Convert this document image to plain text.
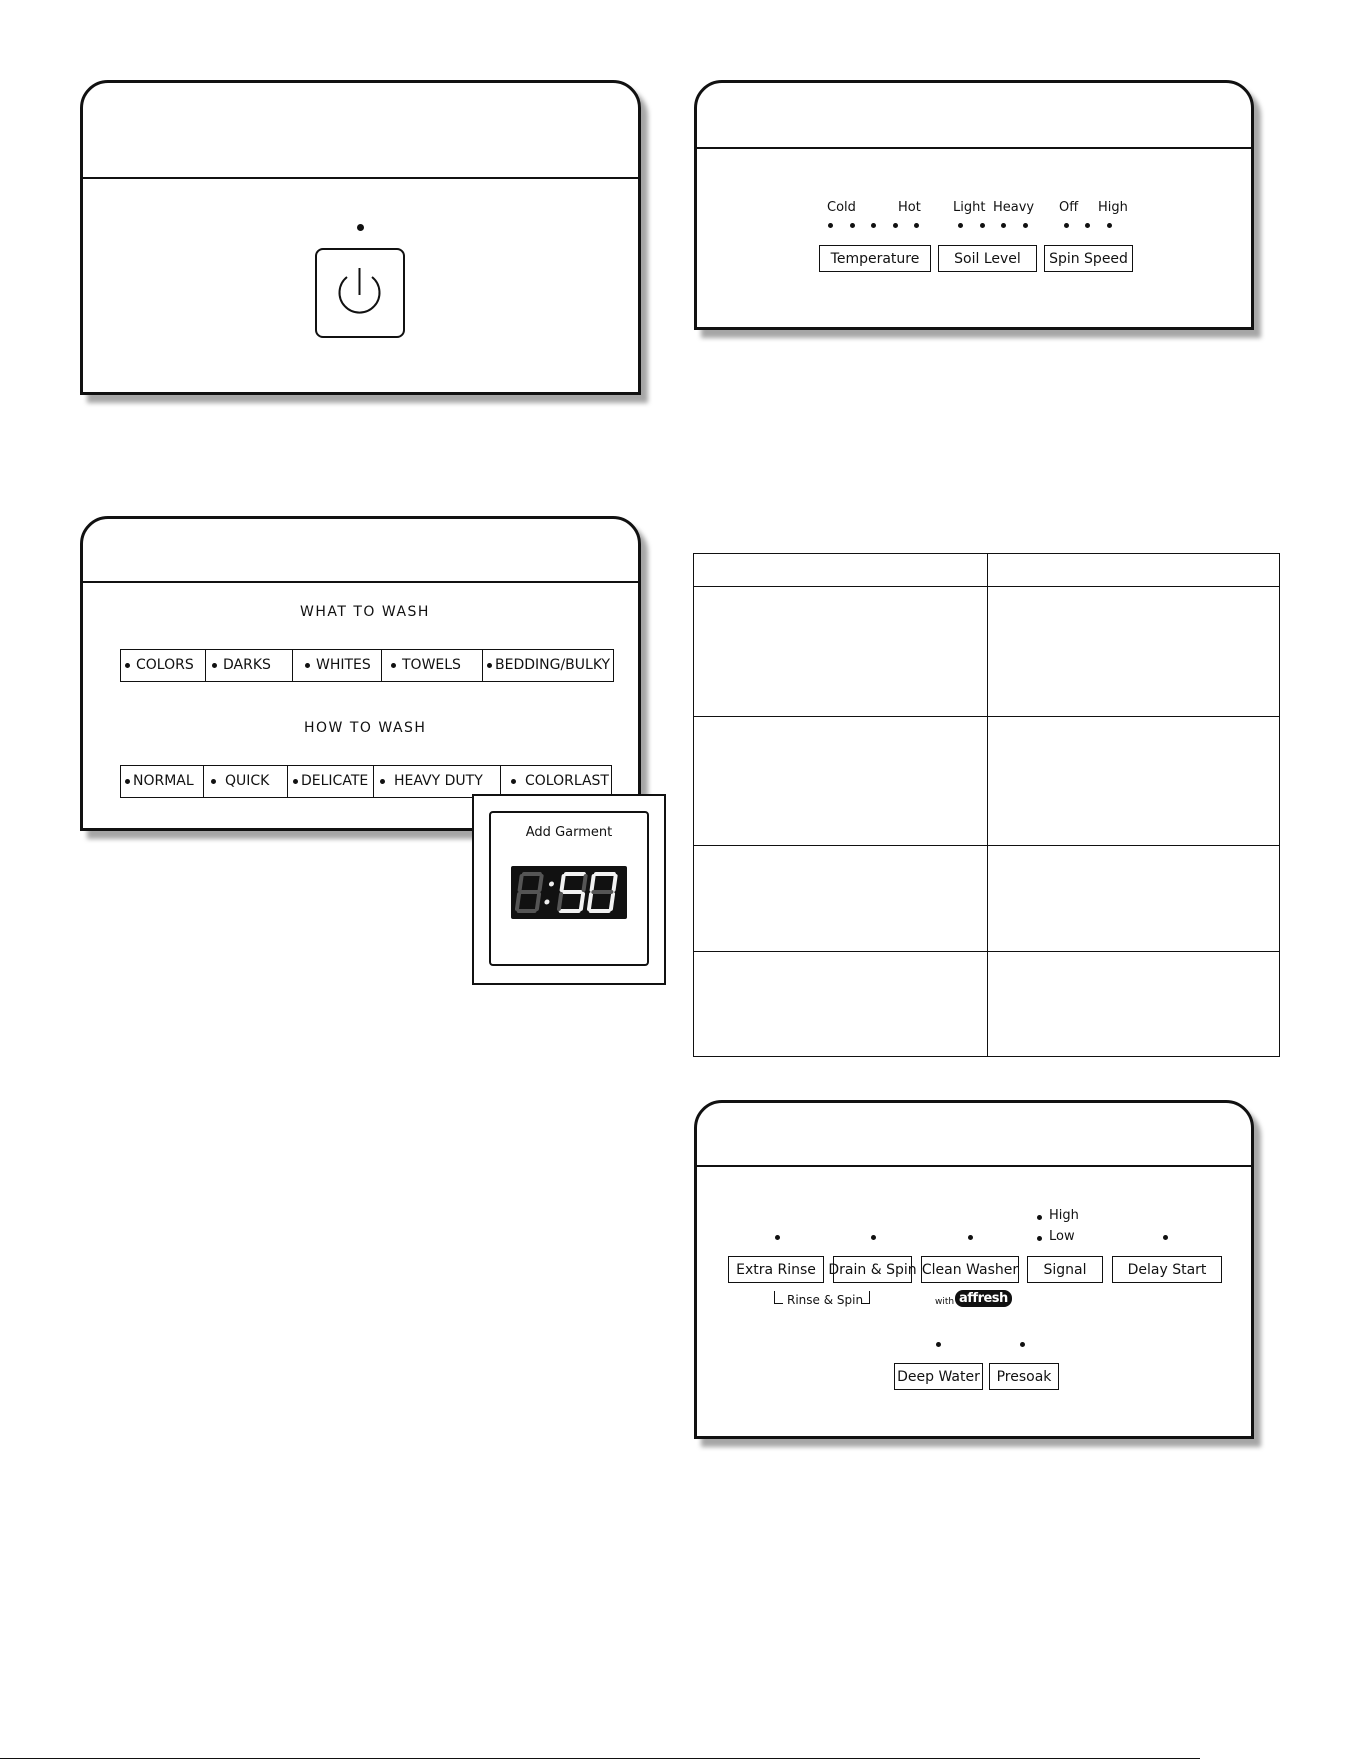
Cold	Hot
Temperature
Light Heavy
Soil Level
Off High
Spin Speed
WHAT TO WASH
COLORS DARKS	WHITES TOWELS BEDDING/BULKY
HOW TO WASH
NORMAL QUICK DELICATE HEAVY DUTY	COLORLAST
Add Garment

High
Low
Extra Rinse Drain & Spin Clean Washer	Signal	Delay Start
Rinse & Spin	with affresh
Deep Water	Presoak
